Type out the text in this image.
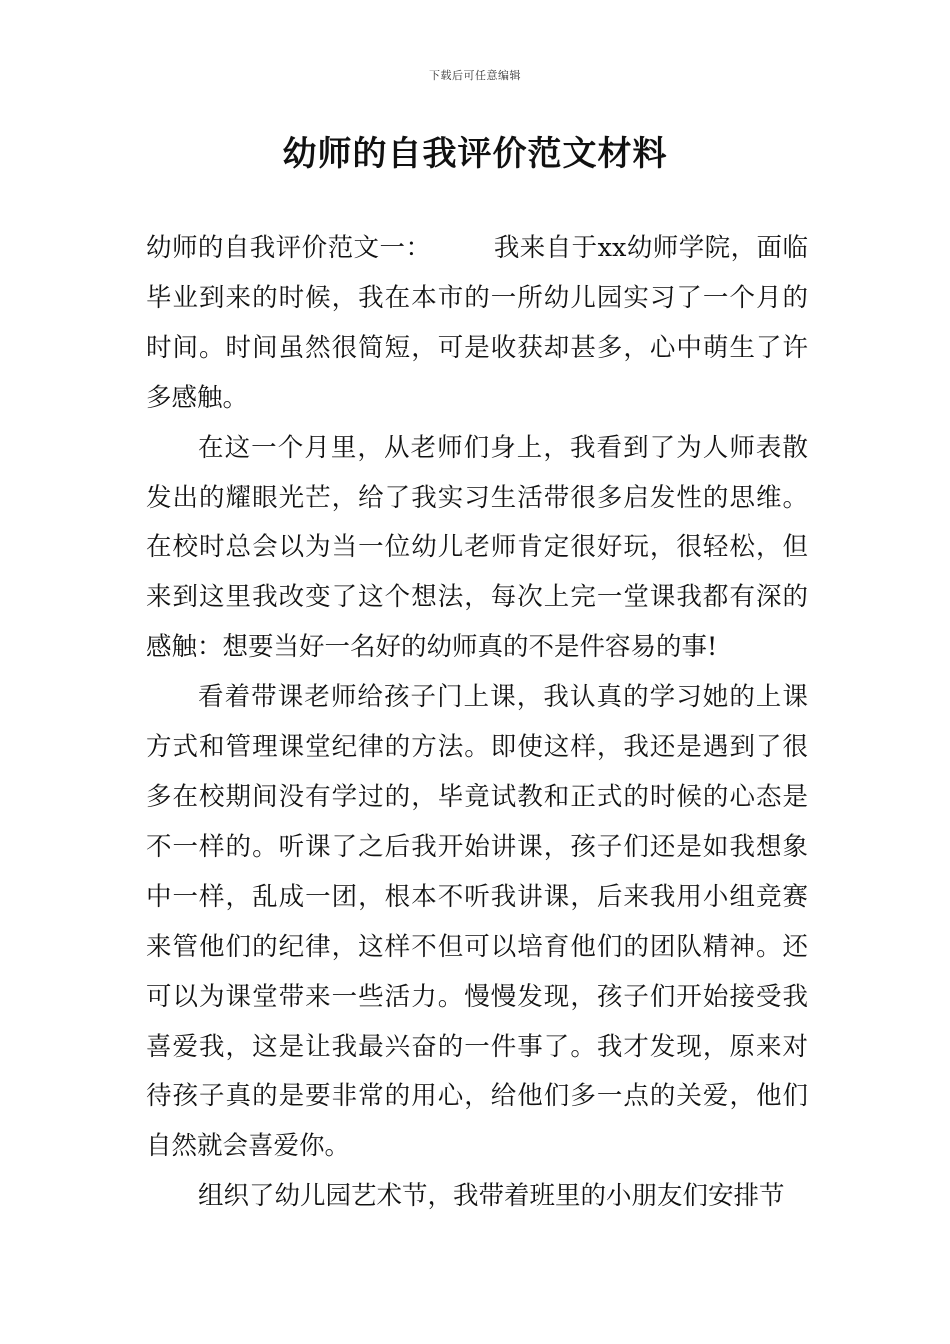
下载后可任意编辑
幼师的自我评价范文材料

幼师的自我评价范文一： 我来自于xx幼师学院，面临毕业到来的时候，我在本市的一所幼儿园实习了一个月的时间。时间虽然很简短，可是收获却甚多，心中萌生了许多感触。

在这一个月里，从老师们身上，我看到了为人师表散发出的耀眼光芒，给了我实习生活带很多启发性的思维。在校时总会以为当一位幼儿老师肯定很好玩，很轻松，但来到这里我改变了这个想法，每次上完一堂课我都有深的感触：想要当好一名好的幼师真的不是件容易的事!

看着带课老师给孩子门上课，我认真的学习她的上课方式和管理课堂纪律的方法。即使这样，我还是遇到了很多在校期间没有学过的，毕竟试教和正式的时候的心态是不一样的。听课了之后我开始讲课，孩子们还是如我想象中一样，乱成一团，根本不听我讲课，后来我用小组竞赛来管他们的纪律，这样不但可以培育他们的团队精神。还可以为课堂带来一些活力。慢慢发现，孩子们开始接受我喜爱我，这是让我最兴奋的一件事了。我才发现，原来对待孩子真的是要非常的用心，给他们多一点的关爱，他们自然就会喜爱你。

组织了幼儿园艺术节，我带着班里的小朋友们安排节
